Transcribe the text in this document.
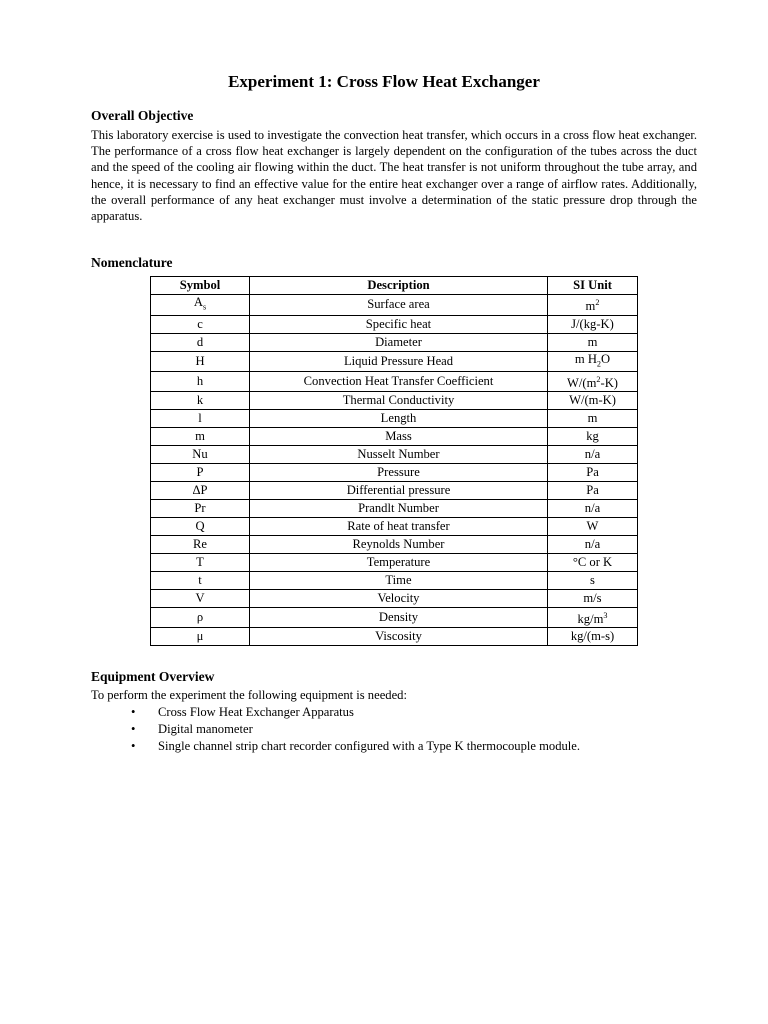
Experiment 1: Cross Flow Heat Exchanger
Overall Objective

This laboratory exercise is used to investigate the convection heat transfer, which occurs in a cross flow heat exchanger. The performance of a cross flow heat exchanger is largely dependent on the configuration of the tubes across the duct and the speed of the cooling air flowing within the duct. The heat transfer is not uniform throughout the tube array, and hence, it is necessary to find an effective value for the entire heat exchanger over a range of airflow rates. Additionally, the overall performance of any heat exchanger must involve a determination of the static pressure drop through the apparatus.

Nomenclature
Symbol	Description	SI Unit
$A_s$	Surface area	$m^2$
c	Specific heat	J/(kg-K)
d	Diameter	m
H	Liquid Pressure Head	m $H_2O$
h	Convection Heat Transfer Coefficient	$W/(m^2-K)$
k	Thermal Conductivity	W/(m-K)
l	Length	m
m	Mass	kg
Nu	Nusselt Number	n/a
P	Pressure	Pa
ΔP	Differential pressure	Pa
Pr	Prandlt Number	n/a
Q	Rate of heat transfer	W
Re	Reynolds Number	n/a
T	Temperature	°C or K
t	Time	s
V	Velocity	m/s
ρ	Density	$kg/m^3$
μ	Viscosity	kg/(m-s)
Equipment Overview

To perform the experiment the following equipment is needed:

• Cross Flow Heat Exchanger Apparatus
• Digital manometer
• Single channel strip chart recorder configured with a Type K thermocouple module.
